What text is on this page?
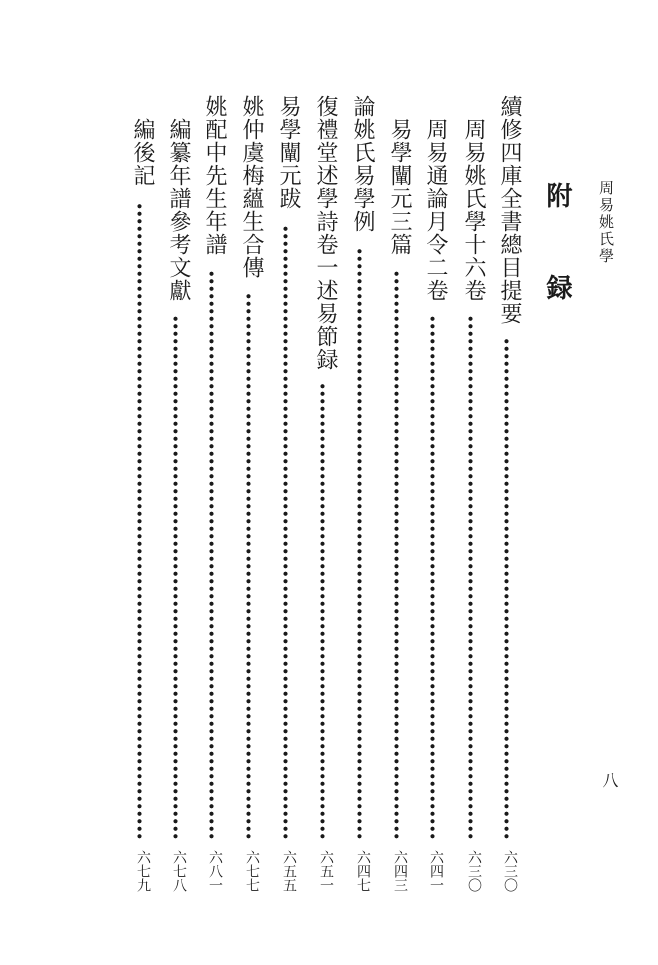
周易姚氏學
八
附　録
續修四庫全書總目提要
六三〇
周易姚氏學十六卷
六三〇
周易通論月令二卷
六四一
易學闡元三篇
六四三
論姚氏易學例
六四七
復禮堂述學詩卷一述易節録
六五一
易學闡元跋
六五五
姚仲虞梅蘊生合傳
六七七
姚配中先生年譜
六八一
編纂年譜參考文獻
六七八
編後記
六七九
